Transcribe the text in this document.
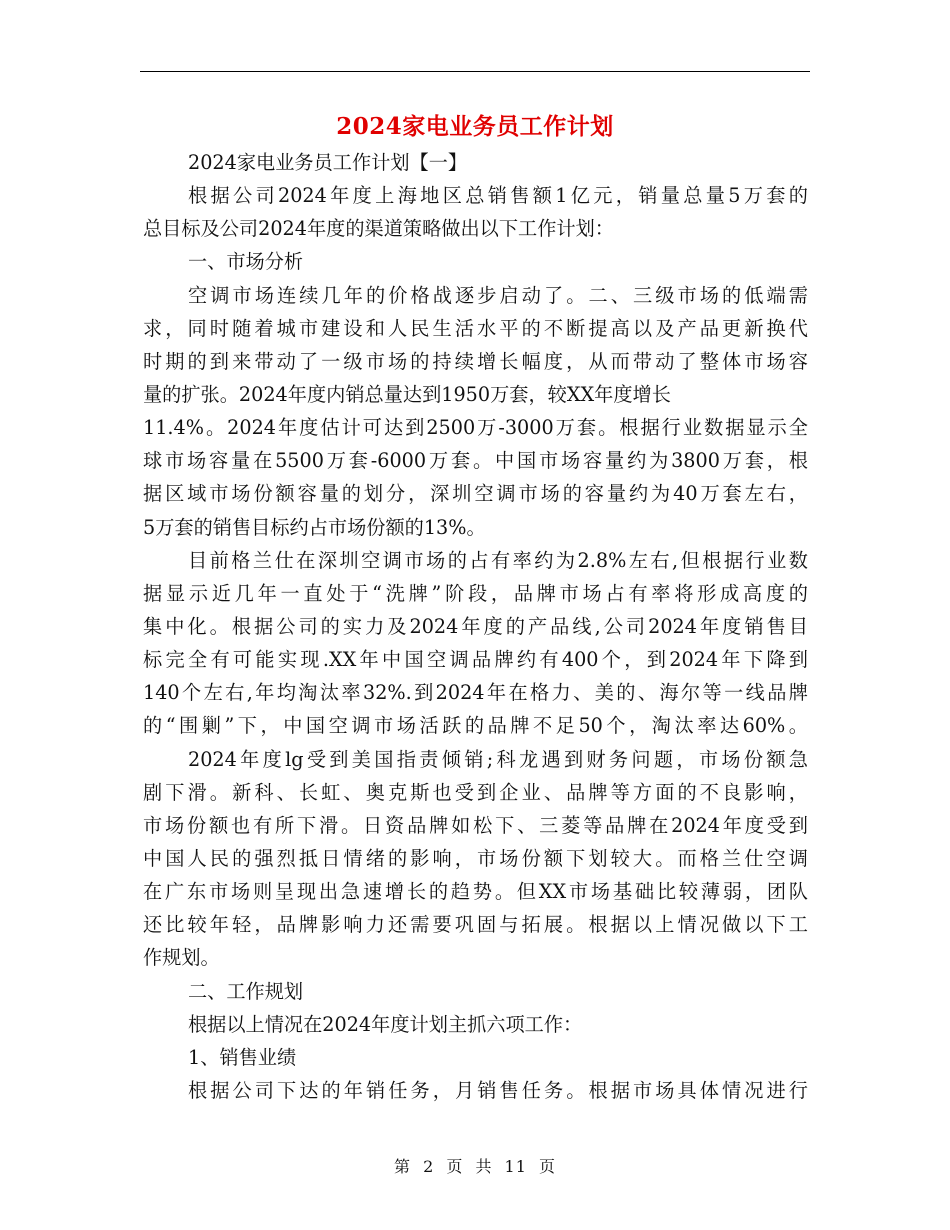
2024家电业务员工作计划
2024家电业务员工作计划【一】
根据公司2024年度上海地区总销售额1亿元，销量总量5万套的
总目标及公司2024年度的渠道策略做出以下工作计划：
一、市场分析
空调市场连续几年的价格战逐步启动了。二、三级市场的低端需
求，同时随着城市建设和人民生活水平的不断提高以及产品更新换代
时期的到来带动了一级市场的持续增长幅度，从而带动了整体市场容
量的扩张。2024年度内销总量达到1950万套，较XX年度增长
11.4%。2024年度估计可达到2500万-3000万套。根据行业数据显示全
球市场容量在5500万套-6000万套。中国市场容量约为3800万套，根
据区域市场份额容量的划分，深圳空调市场的容量约为40万套左右，
5万套的销售目标约占市场份额的13%。
目前格兰仕在深圳空调市场的占有率约为2.8%左右,但根据行业数
据显示近几年一直处于“洗牌”阶段，品牌市场占有率将形成高度的
集中化。根据公司的实力及2024年度的产品线,公司2024年度销售目
标完全有可能实现.XX年中国空调品牌约有400个，到2024年下降到
140个左右,年均淘汰率32%.到2024年在格力、美的、海尔等一线品牌
的“围剿”下，中国空调市场活跃的品牌不足50个，淘汰率达60%。
2024年度lg受到美国指责倾销;科龙遇到财务问题，市场份额急
剧下滑。新科、长虹、奥克斯也受到企业、品牌等方面的不良影响，
市场份额也有所下滑。日资品牌如松下、三菱等品牌在2024年度受到
中国人民的强烈抵日情绪的影响，市场份额下划较大。而格兰仕空调
在广东市场则呈现出急速增长的趋势。但XX市场基础比较薄弱，团队
还比较年轻，品牌影响力还需要巩固与拓展。根据以上情况做以下工
作规划。
二、工作规划
根据以上情况在2024年度计划主抓六项工作：
1、销售业绩
根据公司下达的年销任务，月销售任务。根据市场具体情况进行
第 2 页 共 11 页
